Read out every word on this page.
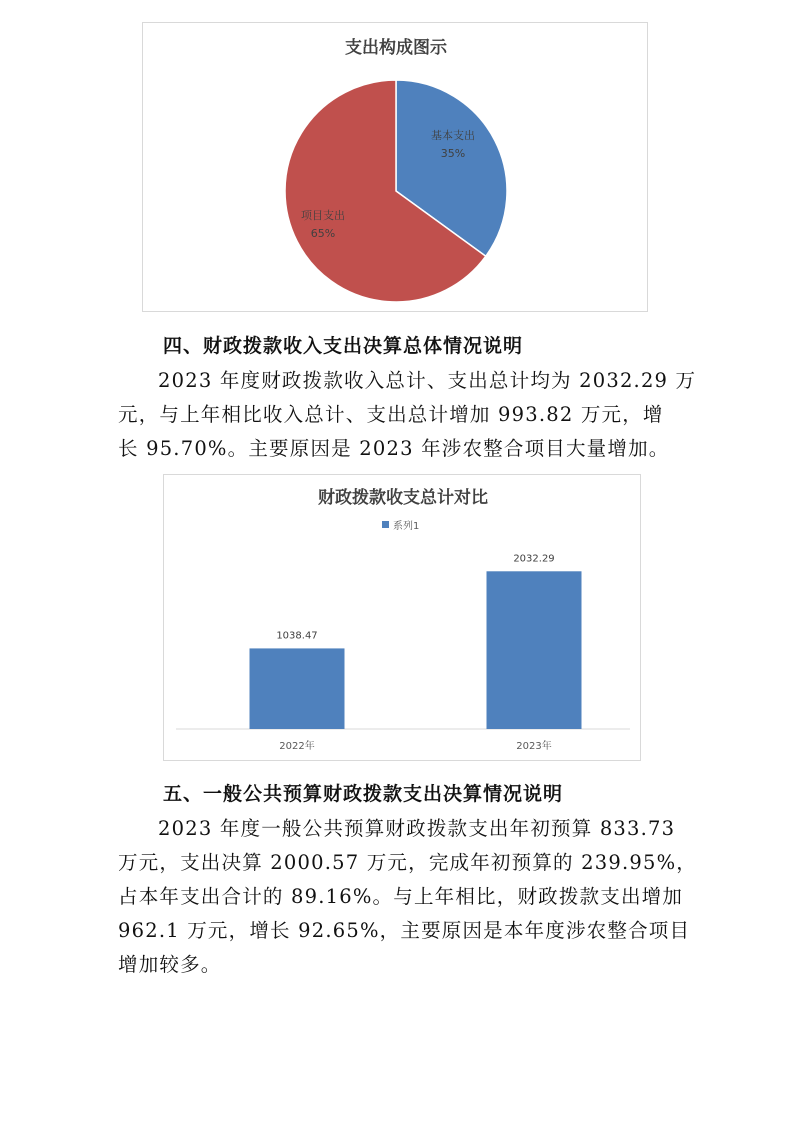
支出构成图示
基本支出
35%
项目支出
65%
四、财政拨款收入支出决算总体情况说明
2023 年度财政拨款收入总计、支出总计均为 2032.29 万
元，与上年相比收入总计、支出总计增加 993.82 万元，增
长 95.70%。主要原因是 2023 年涉农整合项目大量增加。
财政拨款收支总计对比
系列1
1038.47
2022年
2032.29
2023年
五、一般公共预算财政拨款支出决算情况说明
2023 年度一般公共预算财政拨款支出年初预算 833.73
万元，支出决算 2000.57 万元，完成年初预算的 239.95%，
占本年支出合计的 89.16%。与上年相比，财政拨款支出增加
962.1 万元，增长 92.65%，主要原因是本年度涉农整合项目
增加较多。
